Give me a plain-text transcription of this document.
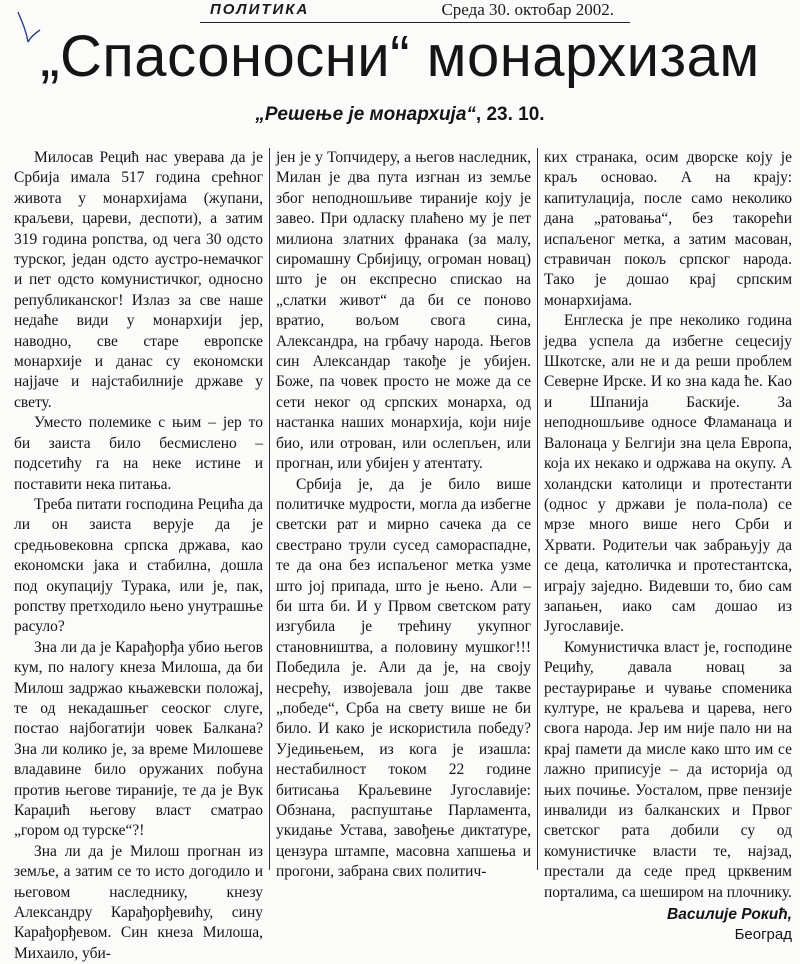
ПОЛИТИКА	Среда 30. октобар 2002.
„Спасоносни“ монархизам
„Решење је монархија“, 23. 10.

Милосав Рецић нас уверава да је Србија имала 517 година срећног живота у монархијама (жупани, краљеви, цареви, деспоти), а затим 319 година ропства, од чега 30 одсто турског, један одсто аустро-немачког и пет одсто комунистичког, односно републиканског! Излаз за све наше недаће види у монархији јер, наводно, све старе европске монархије и данас су економски најјаче и најстабилније државе у свету.

Уместо полемике с њим – јер то би заиста било бесмислено – подсетићу га на неке истине и поставити нека питања.

Треба питати господина Рецића да ли он заиста верује да је средњовековна српска држава, као економски јака и стабилна, дошла под окупацију Турака, или је, пак, ропству претходило њено унутрашње расуло?

Зна ли да је Карађорђа убио његов кум, по налогу кнеза Милоша, да би Милош задржао књажевски положај, те од некадашњег сеоског слуге, постао најбогатији човек Балкана? Зна ли колико је, за време Милошеве владавине било оружаних побуна против његове тираније, те да је Вук Караџић његову власт сматрао „гором од турске“?!

Зна ли да је Милош прогнан из земље, а затим се то исто догодило и његовом наследнику, кнезу Александру Карађорђевићу, сину Карађорђевом. Син кнеза Милоша, Михаило, уби-

јен је у Топчидеру, а његов наследник, Милан је два пута изгнан из земље због неподношљиве тираније коју је завео. При одласку плаћено му је пет милиона златних франака (за малу, сиромашну Србијицу, огроман новац) што је он експресно спискао на „слатки живот“ да би се поново вратио, вољом свога сина, Александра, на грбачу народа. Његов син Александар такође је убијен. Боже, па човек просто не може да се сети неког од српских монарха, од настанка наших монархија, који није био, или отрован, или ослепљен, или прогнан, или убијен у атентату.

Србија је, да је било више политичке мудрости, могла да избегне светски рат и мирно сачека да се свестрано трули сусед самораспадне, те да она без испаљеног метка узме што јој припада, што је њено. Али – би шта би. И у Првом светском рату изгубила је трећину укупног становништва, а половину мушког!!! Победила је. Али да је, на своју несрећу, извојевала још две такве „победе“, Срба на свету више не би било. И како је искористила победу? Уједињењем, из кога је изашла: нестабилност током 22 године битисања Краљевине Југославије: Обзнана, распуштање Парламента, укидање Устава, завођење диктатуре, цензура штампе, масовна хапшења и прогони, забрана свих политич-

ких странака, осим дворске коју је краљ основао. А на крају: капитулација, после само неколико дана „ратовања“, без такорећи испаљеног метка, а затим масован, стравичан покољ српског народа. Тако је дошао крај српским монархијама.

Енглеска је пре неколико година једва успела да избегне сецесију Шкотске, али не и да реши проблем Северне Ирске. И ко зна када ће. Као и Шпанија Баскије. За неподношљиве односе Фламанаца и Валонаца у Белгији зна цела Европа, која их некако и одржава на окупу. А холандски католици и протестанти (однос у држави је пола-пола) се мрзе много више него Срби и Хрвати. Родитељи чак забрањују да се деца, католичка и протестантска, играју заједно. Видевши то, био сам запањен, иако сам дошао из Југославије.

Комунистичка власт је, господине Рецићу, давала новац за рестаурирање и чување споменика културе, не краљева и царева, него свога народа. Јер им није пало ни на крај памети да мисле како што им се лажно приписује – да историја од њих почиње. Уосталом, прве пензије инвалиди из балканских и Првог светског рата добили су од комунистичке власти те, најзад, престали да седе пред црквеним порталима, са шеширом на плочнику.

Василије Рокић,
Београд
